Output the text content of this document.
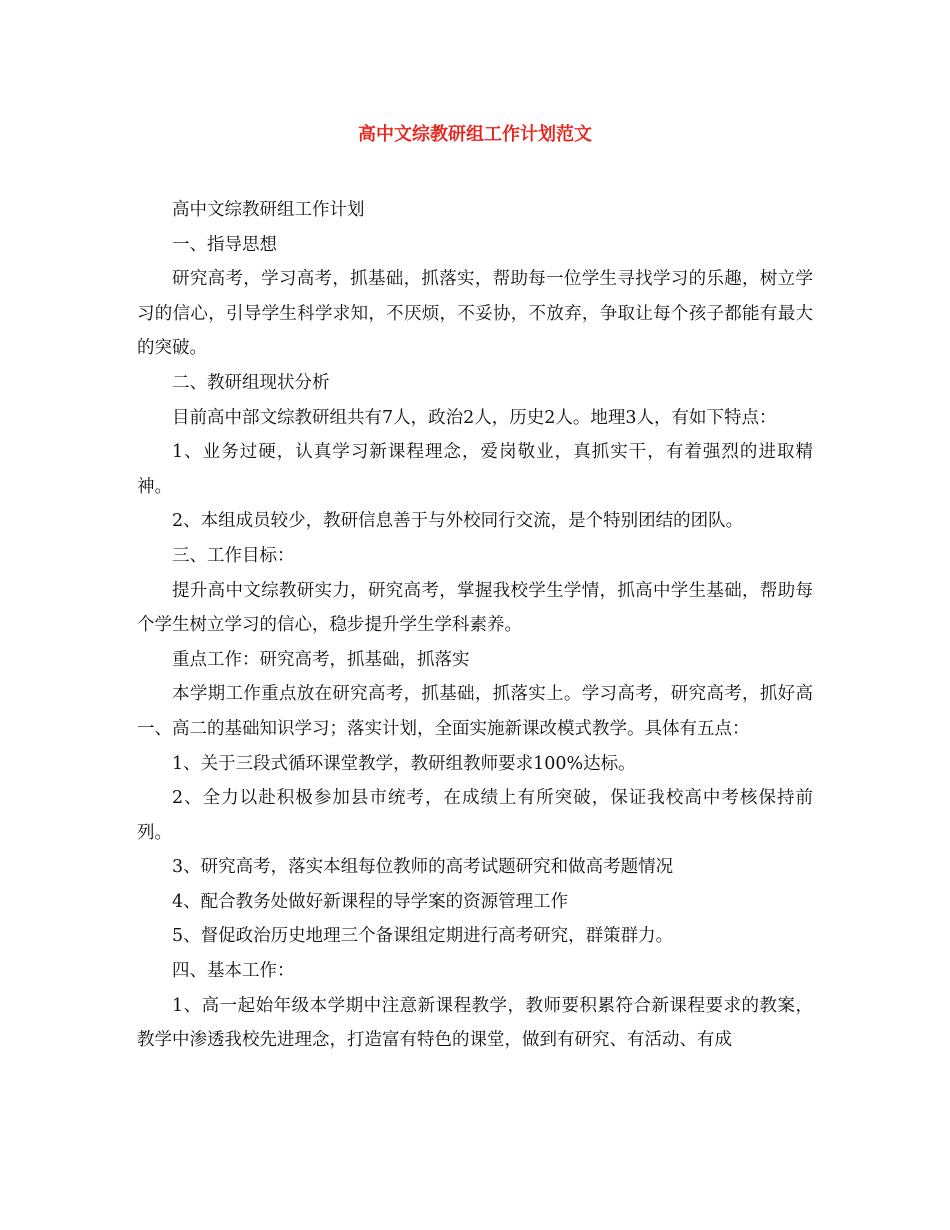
高中文综教研组工作计划范文

高中文综教研组工作计划

一、指导思想

研究高考，学习高考，抓基础，抓落实，帮助每一位学生寻找学习的乐趣，树立学习的信心，引导学生科学求知，不厌烦，不妥协，不放弃，争取让每个孩子都能有最大的突破。

二、教研组现状分析

目前高中部文综教研组共有7人，政治2人，历史2人。地理3人，有如下特点：

1、业务过硬，认真学习新课程理念，爱岗敬业，真抓实干，有着强烈的进取精神。

2、本组成员较少，教研信息善于与外校同行交流，是个特别团结的团队。

三、工作目标：

提升高中文综教研实力，研究高考，掌握我校学生学情，抓高中学生基础，帮助每个学生树立学习的信心，稳步提升学生学科素养。

重点工作：研究高考，抓基础，抓落实

本学期工作重点放在研究高考，抓基础，抓落实上。学习高考，研究高考，抓好高一、高二的基础知识学习；落实计划，全面实施新课改模式教学。具体有五点：

1、关于三段式循环课堂教学，教研组教师要求100%达标。

2、全力以赴积极参加县市统考，在成绩上有所突破，保证我校高中考核保持前列。

3、研究高考，落实本组每位教师的高考试题研究和做高考题情况

4、配合教务处做好新课程的导学案的资源管理工作

5、督促政治历史地理三个备课组定期进行高考研究，群策群力。

四、基本工作：

1、高一起始年级本学期中注意新课程教学，教师要积累符合新课程要求的教案，教学中渗透我校先进理念，打造富有特色的课堂，做到有研究、有活动、有成
